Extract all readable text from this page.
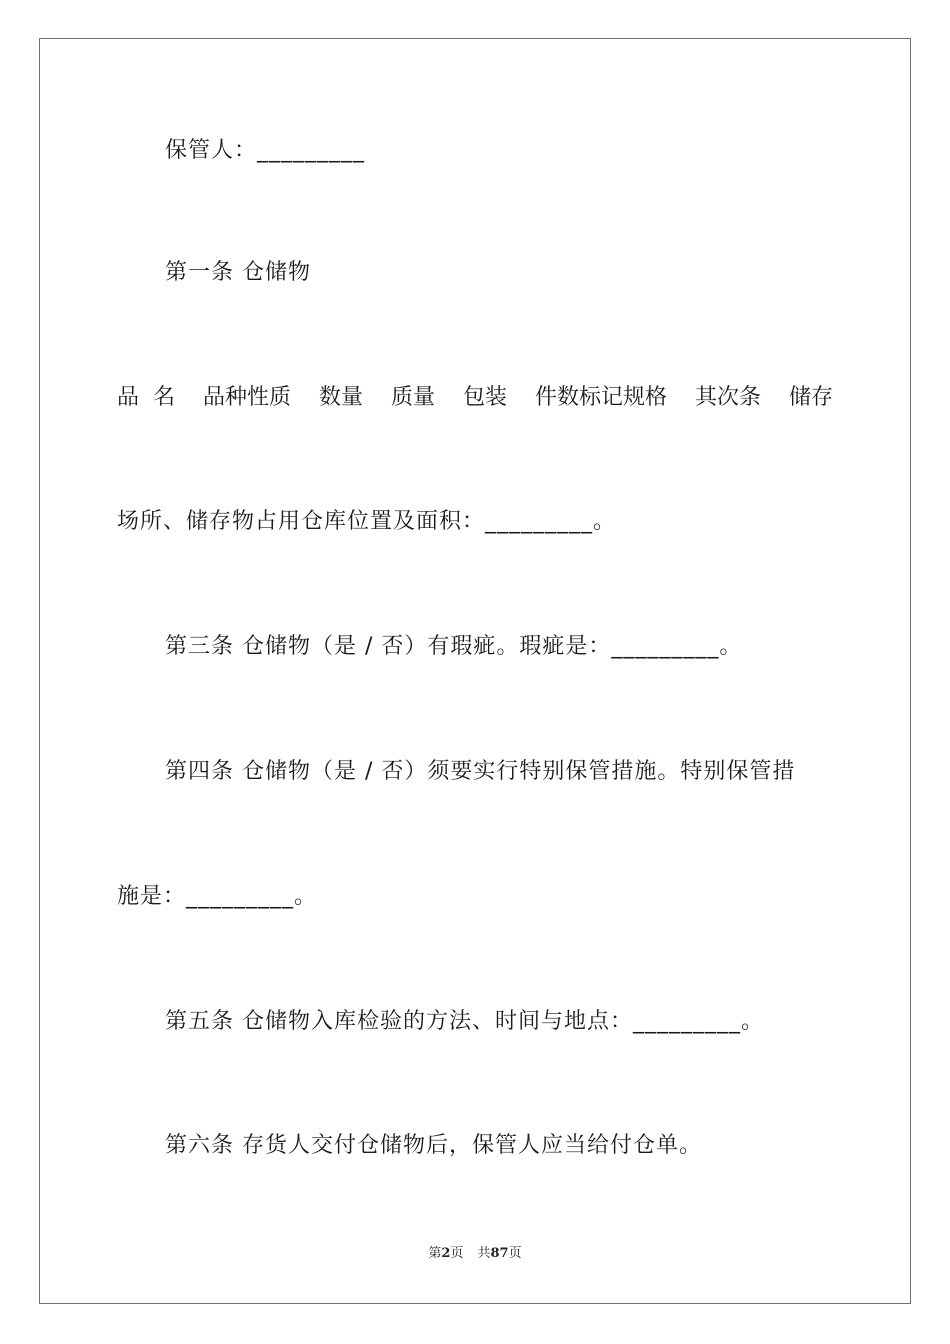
保管人：_________
第一条 仓储物
品  名 品种性质 数量 质量 包装 件数标记规格 其次条 储存
场所、储存物占用仓库位置及面积：_________。
第三条 仓储物（是 / 否）有瑕疵。瑕疵是：_________。
第四条 仓储物（是 / 否）须要实行特别保管措施。特别保管措
施是：_________。
第五条 仓储物入库检验的方法、时间与地点：_________。
第六条 存货人交付仓储物后，保管人应当给付仓单。
第2页 共87页
